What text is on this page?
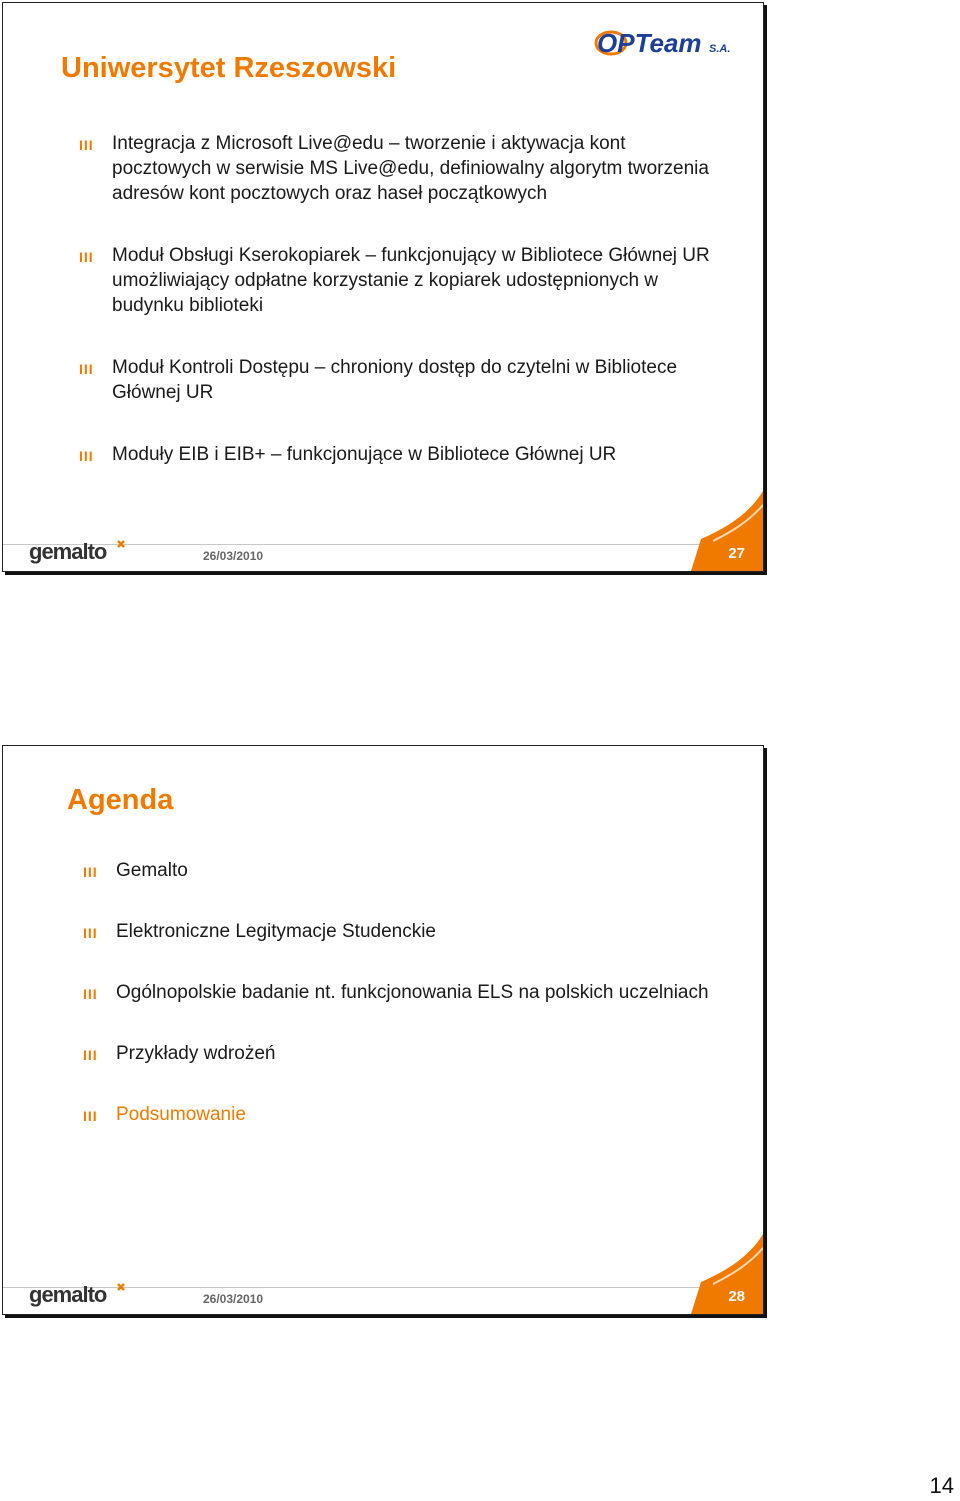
Uniwersytet Rzeszowski
OPTeam S.A.
III Integracja z Microsoft Live@edu – tworzenie i aktywacja kont pocztowych w serwisie MS Live@edu, definiowalny algorytm tworzenia adresów kont pocztowych oraz haseł początkowych
III Moduł Obsługi Kserokopiarek – funkcjonujący w Bibliotece Głównej UR umożliwiający odpłatne korzystanie z kopiarek udostępnionych w budynku biblioteki
III Moduł Kontroli Dostępu – chroniony dostęp do czytelni w Bibliotece Głównej UR
III Moduły EIB i EIB+ – funkcjonujące w Bibliotece Głównej UR
gemalto	26/03/2010	27
Agenda
III Gemalto
III Elektroniczne Legitymacje Studenckie
III Ogólnopolskie badanie nt. funkcjonowania ELS na polskich uczelniach
III Przykłady wdrożeń
III Podsumowanie
gemalto	26/03/2010	28
14
